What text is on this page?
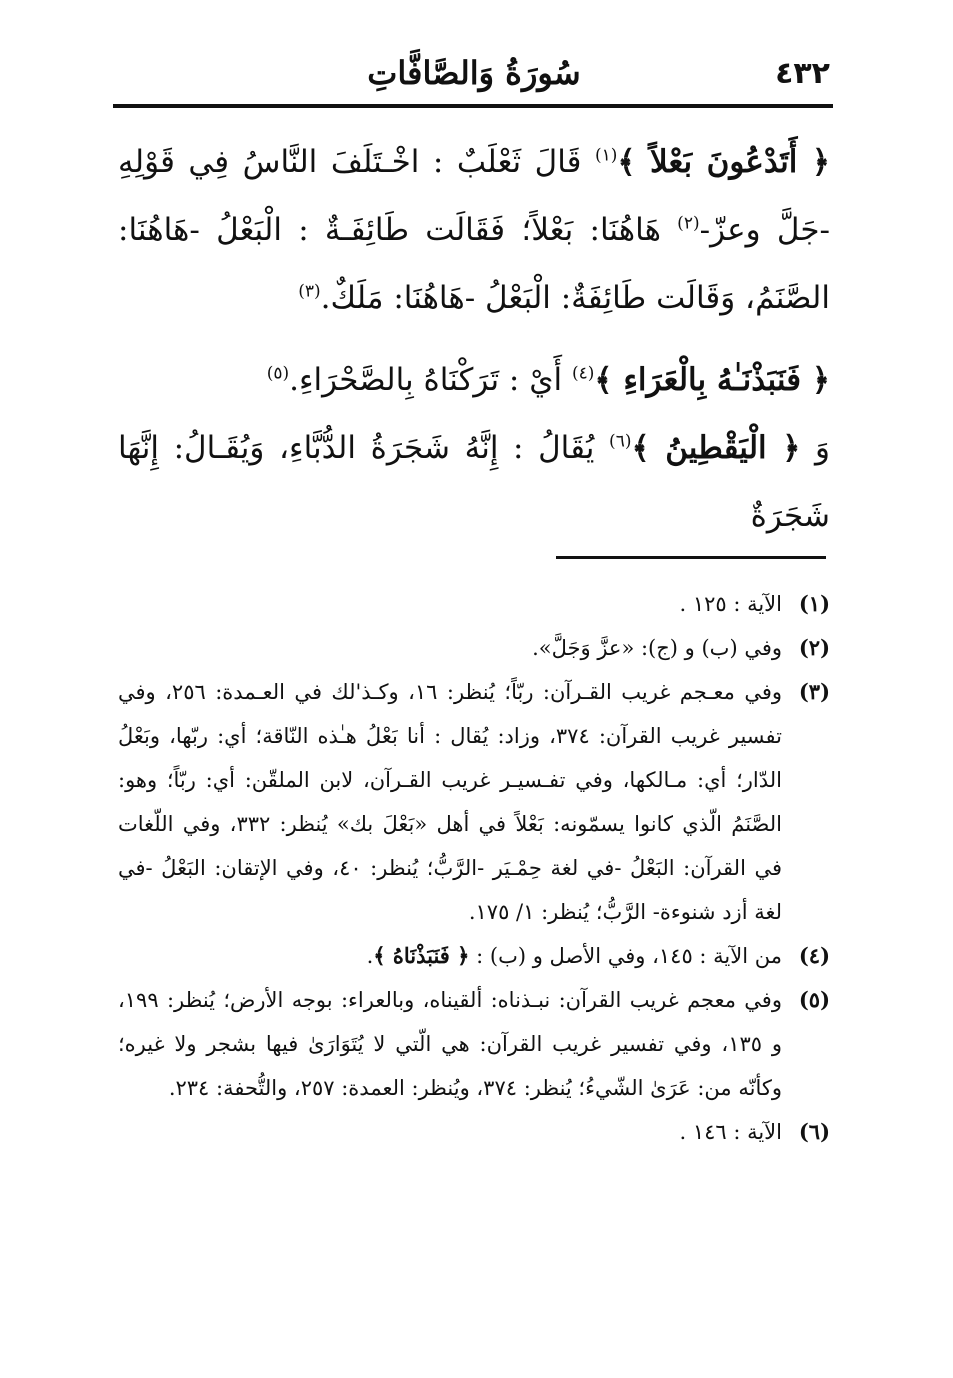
٤٣٢
سُورَةُ وَالصَّافَّاتِ

﴿ أَتَدْعُونَ بَعْلاً ﴾$^{(١)}$ قَالَ ثَعْلَبٌ : اخْـتَلَفَ النَّاسُ فِي قَوْلِهِ -جَلَّ وعزّ-$^{(٢)}$ هَاهُنَا: بَعْلاً؛ فَقَالَت طَائِفَـةٌ : الْبَعْلُ -هَاهُنَا: الصَّنَمُ، وَقَالَت طَائِفَةٌ: الْبَعْلُ -هَاهُنَا: مَلَكٌ.$^{(٣)}$

﴿ فَنَبَذْنَـٰهُ بِالْعَرَاءِ ﴾$^{(٤)}$ أَيْ : تَرَكْنَاهُ بِالصَّحْرَاءِ.$^{(٥)}$

وَ ﴿ الْيَقْطِينُ ﴾$^{(٦)}$ يُقَالُ : إِنَّهُ شَجَرَةُ الدُّبَّاءِ، وَيُقَـالُ: إِنَّهَا شَجَرَةٌ

(١)
الآية : ١٢٥ .
(٢)
وفي (ب) و (ج): «عزَّ وَجَلَّ».
(٣)
وفي معـجم غريب القـرآن: ربّاً؛ يُنظر: ١٦، وكـذ'لك في العـمدة: ٢٥٦، وفي تفسير غريب القرآن: ٣٧٤، وزاد: يُقال : أنا بَعْلُ هـٰذه النّاقة؛ أي: ربّها، وبَعْلُ الدّار؛ أي: مـالكها، وفي تفـسيـر غريب القـرآن، لابن الملقّن: أي: ربّاً؛ وهو: الصَّنَمُ الّذي كانوا يسمّونه: بَعْلاً في أهل «بَعْلَ بك» يُنظر: ٣٣٢، وفي اللّغات في القرآن: البَعْلُ -في لغة حِمْـيَر -الرَّبُّ؛ يُنظر: ٤٠، وفي الإتقان: البَعْلُ -في لغة أزد شنوءة- الرَّبُّ؛ يُنظر: ١/ ١٧٥.
(٤)
من الآية : ١٤٥، وفي الأصل و (ب) : ﴿ فَنَبَذْنَاهُ ﴾.
(٥)
وفي معجم غريب القرآن: نبـذناه: ألقيناه، وبالعراء: بوجه الأرض؛ يُنظر: ١٩٩، و ١٣٥، وفي تفسير غريب القرآن: هي الّتي لا يُتَوَارَىٰ فيها بشجر ولا غيره؛وكأنّه من: عَرَىٰ الشّيءُ؛ يُنظر: ٣٧٤، ويُنظر: العمدة: ٢٥٧، والتُّحفة: ٢٣٤.
(٦)
الآية : ١٤٦ .
